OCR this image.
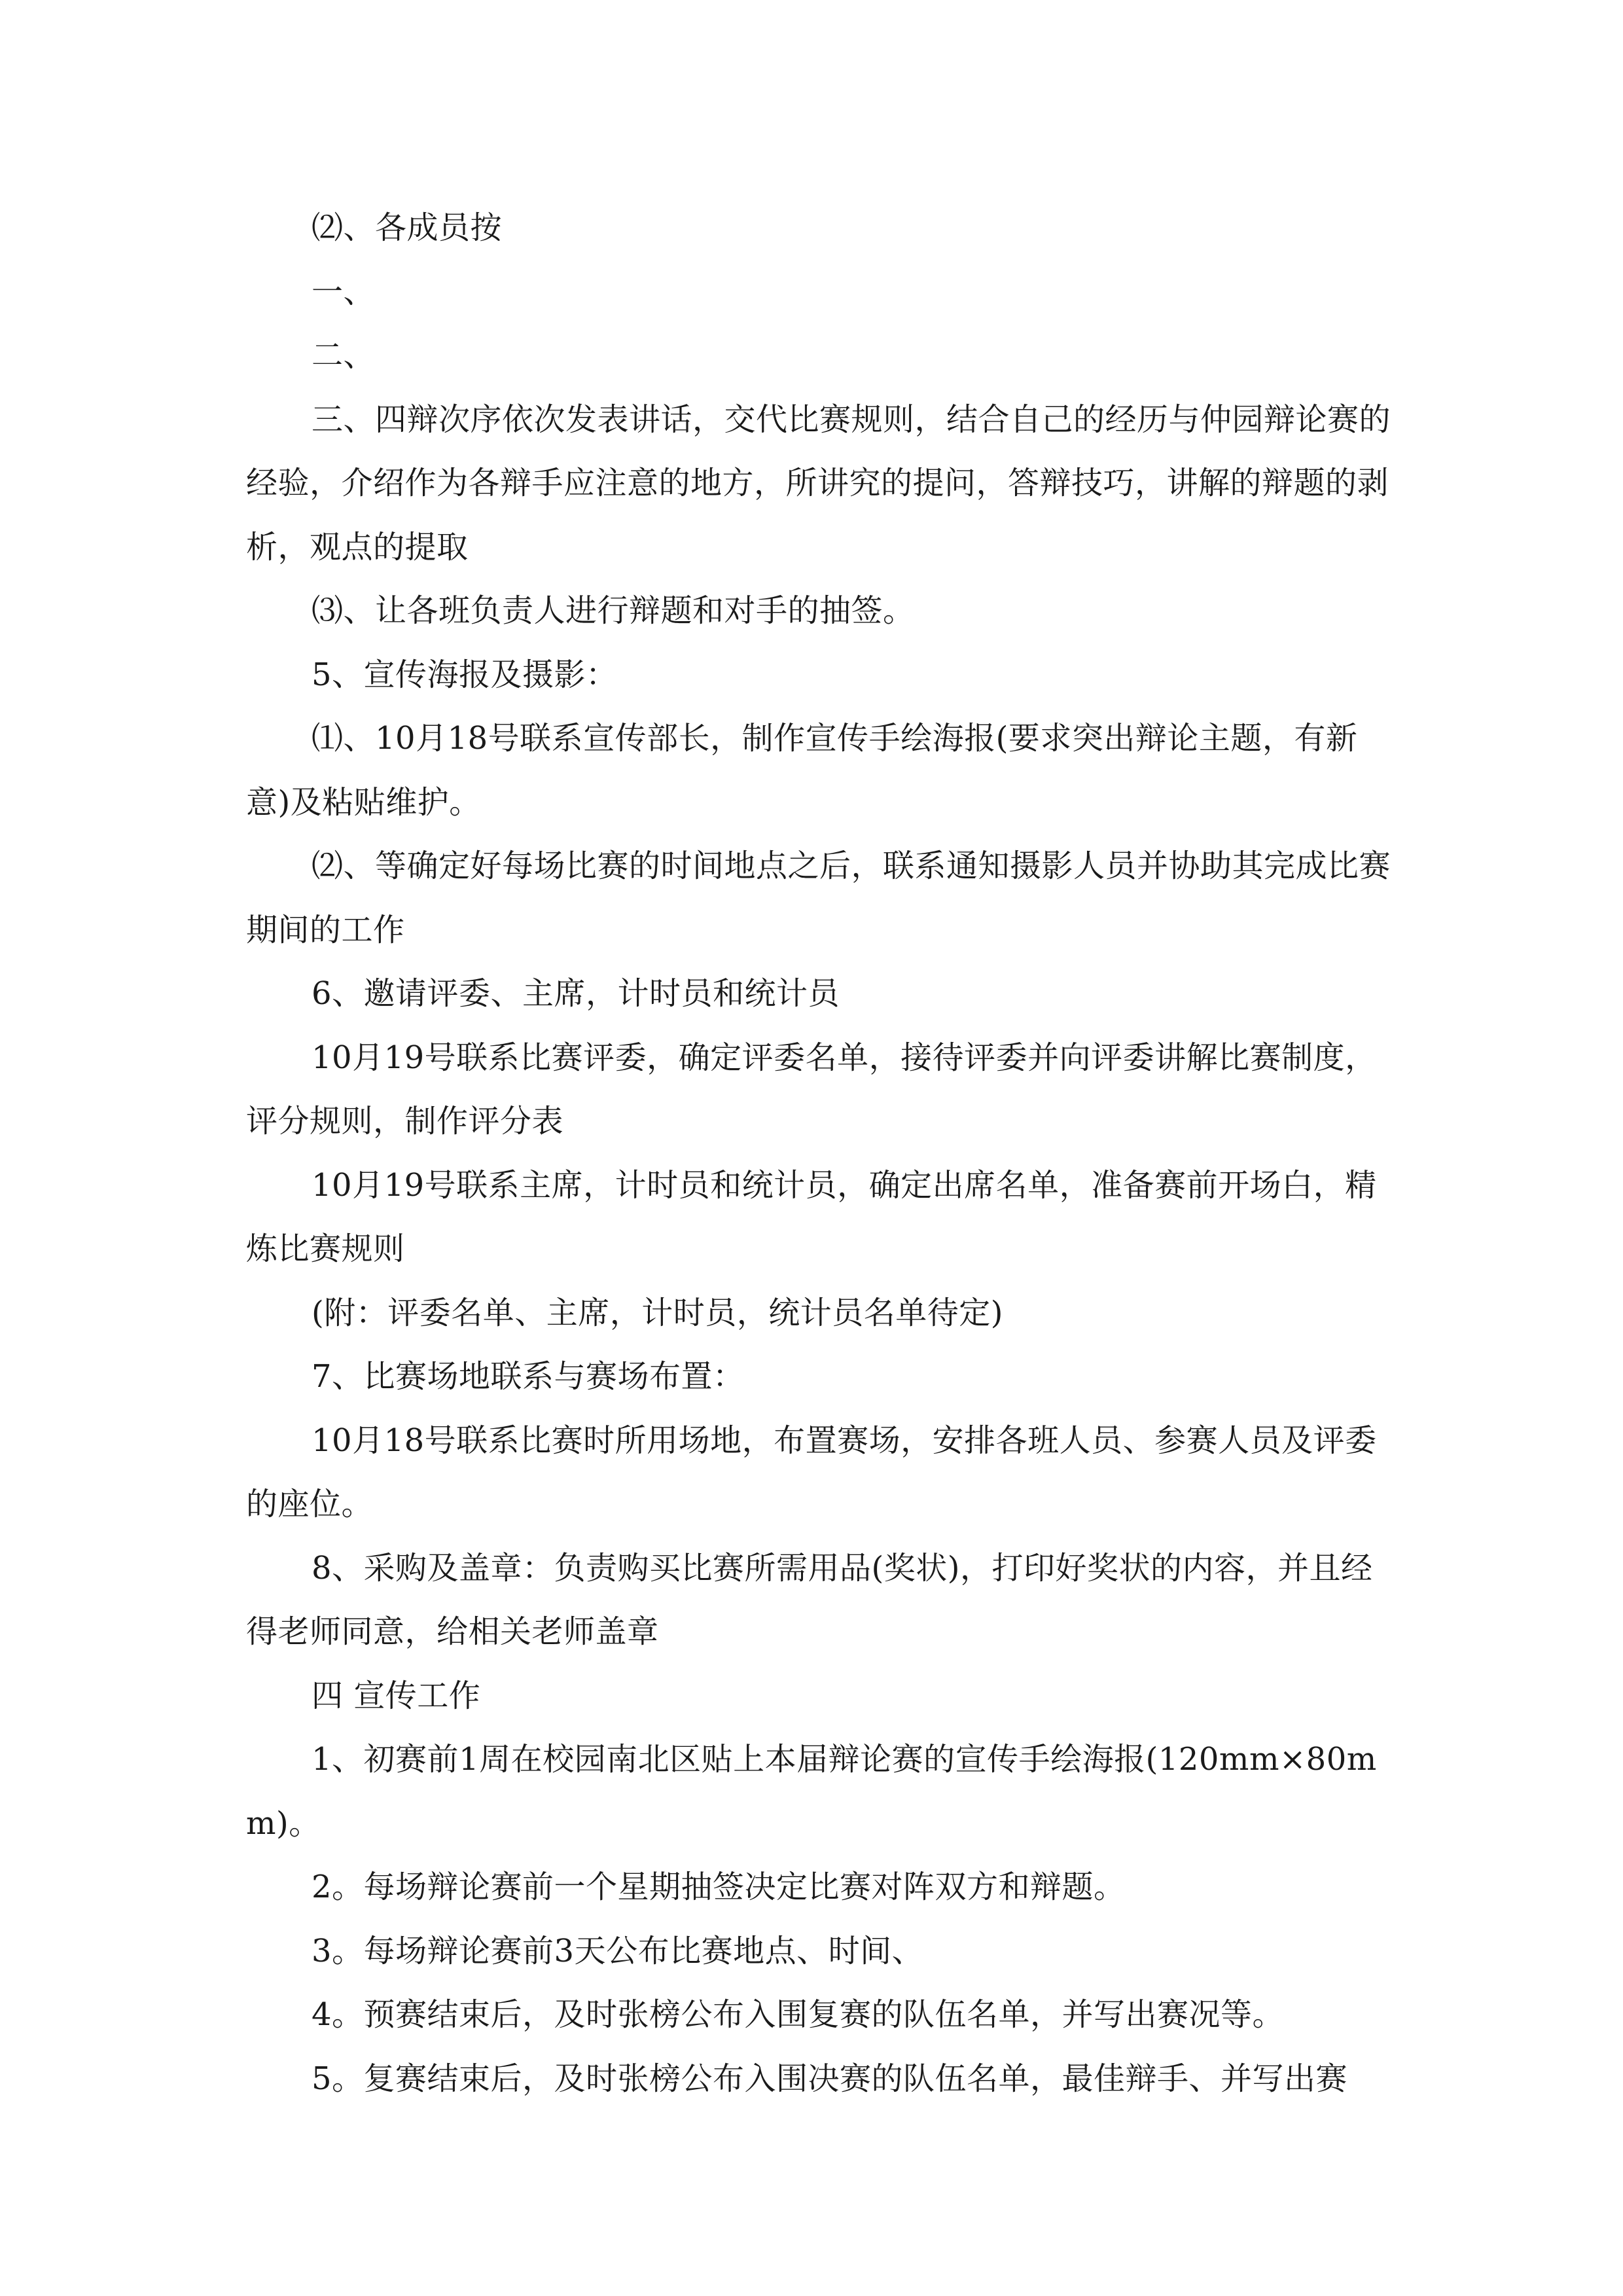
⑵、各成员按

一、

二、

三、四辩次序依次发表讲话，交代比赛规则，结合自己的经历与仲园辩论赛的经验，介绍作为各辩手应注意的地方，所讲究的提问，答辩技巧，讲解的辩题的剥析，观点的提取

⑶、让各班负责人进行辩题和对手的抽签。

5、宣传海报及摄影：

⑴、10月18号联系宣传部长，制作宣传手绘海报(要求突出辩论主题，有新意)及粘贴维护。

⑵、等确定好每场比赛的时间地点之后，联系通知摄影人员并协助其完成比赛期间的工作

6、邀请评委、主席，计时员和统计员

10月19号联系比赛评委，确定评委名单，接待评委并向评委讲解比赛制度，评分规则，制作评分表

10月19号联系主席，计时员和统计员，确定出席名单，准备赛前开场白，精炼比赛规则

(附：评委名单、主席，计时员，统计员名单待定)

7、比赛场地联系与赛场布置：

10月18号联系比赛时所用场地，布置赛场，安排各班人员、参赛人员及评委的座位。

8、采购及盖章：负责购买比赛所需用品(奖状)，打印好奖状的内容，并且经得老师同意，给相关老师盖章

四 宣传工作

1、初赛前1周在校园南北区贴上本届辩论赛的宣传手绘海报(120mm×80mm)。

2。每场辩论赛前一个星期抽签决定比赛对阵双方和辩题。

3。每场辩论赛前3天公布比赛地点、时间、

4。预赛结束后，及时张榜公布入围复赛的队伍名单，并写出赛况等。

5。复赛结束后，及时张榜公布入围决赛的队伍名单，最佳辩手、并写出赛
